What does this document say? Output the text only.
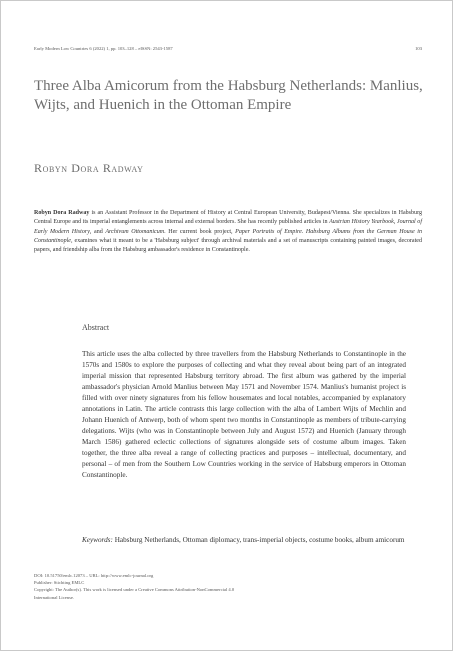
Early Modern Low Countries 6 (2022) 1, pp. 103–128 – eISSN: 2543-1587	103
Three Alba Amicorum from the Habsburg Netherlands: Manlius, Wijts, and Huenich in the Ottoman Empire
Robyn Dora Radway

Robyn Dora Radway is an Assistant Professor in the Department of History at Central European University, Budapest/Vienna. She specializes in Habsburg Central Europe and its imperial entanglements across internal and external borders. She has recently published articles in Austrian History Yearbook, Journal of Early Modern History, and Archivum Ottomanicum. Her current book project, Paper Portraits of Empire. Habsburg Albums from the German House in Constantinople, examines what it meant to be a 'Habsburg subject' through archival materials and a set of manuscripts containing painted images, decorated papers, and friendship alba from the Habsburg ambassador's residence in Constantinople.

Abstract

This article uses the alba collected by three travellers from the Habsburg Netherlands to Constantinople in the 1570s and 1580s to explore the purposes of collecting and what they reveal about being part of an integrated imperial mission that represented Habsburg territory abroad. The first album was gathered by the imperial ambassador's physician Arnold Manlius between May 1571 and November 1574. Manlius's humanist project is filled with over ninety signatures from his fellow housemates and local notables, accompanied by explanatory annotations in Latin. The article contrasts this large collection with the alba of Lambert Wijts of Mechlin and Johann Huenich of Antwerp, both of whom spent two months in Constantinople as members of tribute-carrying delegations. Wijts (who was in Constantinople between July and August 1572) and Huenich (January through March 1586) gathered eclectic collections of signatures alongside sets of costume album images. Taken together, the three alba reveal a range of collecting practices and purposes – intellectual, documentary, and personal – of men from the Southern Low Countries working in the service of Habsburg emperors in Ottoman Constantinople.

Keywords: Habsburg Netherlands, Ottoman diplomacy, trans-imperial objects, costume books, album amicorum

DOI: 10.51750/emlc.12073 – URL: http://www.emlc-journal.org
Publisher: Stichting EMLC
Copyright: The Author(s). This work is licensed under a Creative Commons Attribution-NonCommercial 4.0
International License.
